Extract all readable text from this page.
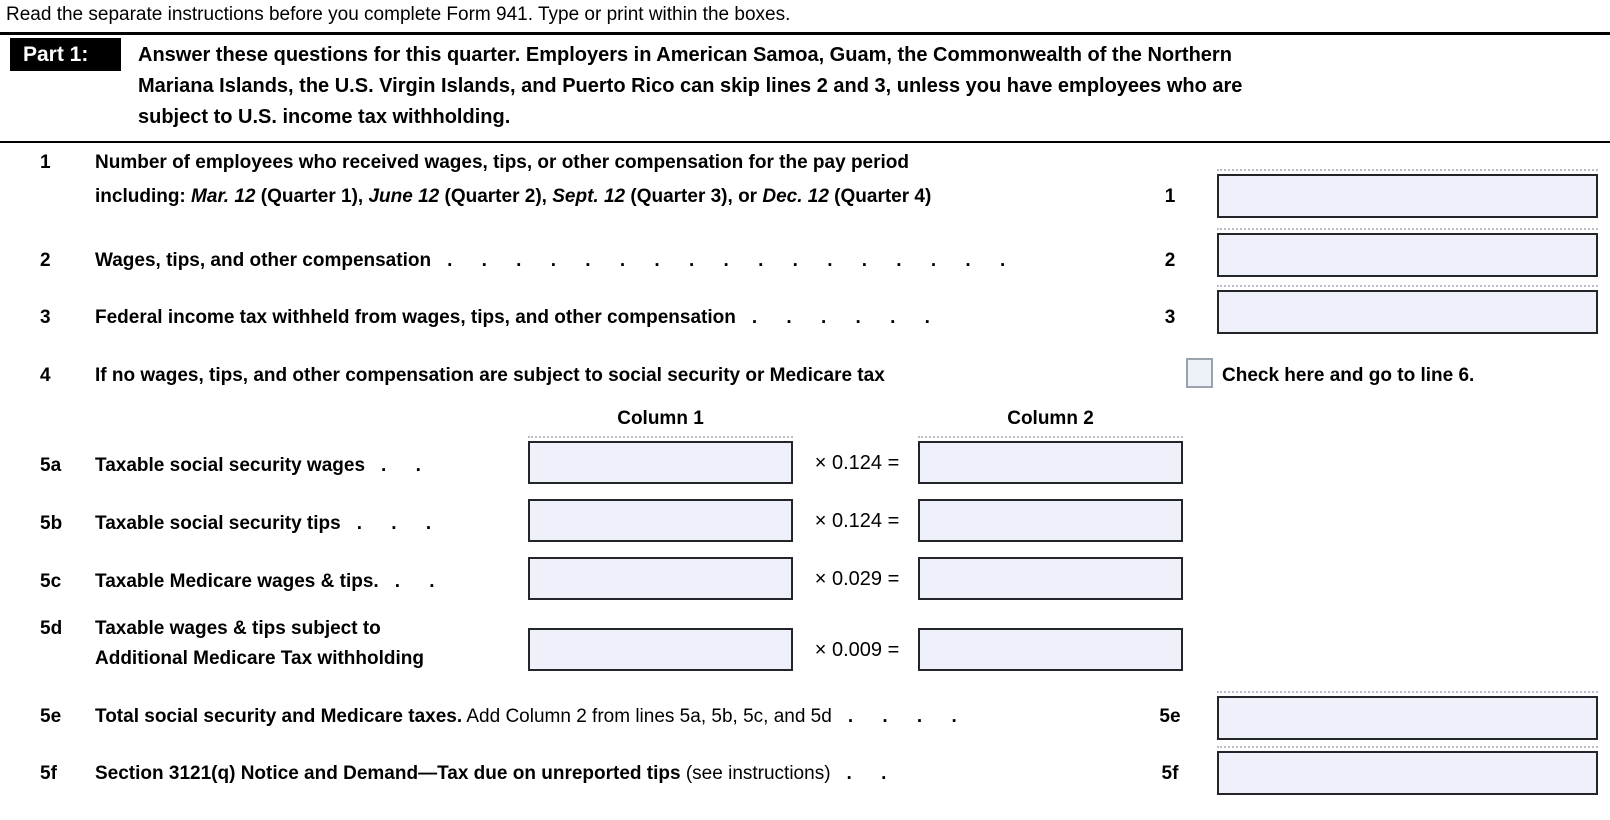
Read the separate instructions before you complete Form 941. Type or print within the boxes.
Part 1:	Answer these questions for this quarter. Employers in American Samoa, Guam, the Commonwealth of the Northern
Mariana Islands, the U.S. Virgin Islands, and Puerto Rico can skip lines 2 and 3, unless you have employees who are
subject to U.S. income tax withholding.
1 Number of employees who received wages, tips, or other compensation for the pay period
including: Mar. 12 (Quarter 1), June 12 (Quarter 2), Sept. 12 (Quarter 3), or Dec. 12 (Quarter 4)	1
2 Wages, tips, and other compensation . . . . . . . . . . . . . . . . .	2
3 Federal income tax withheld from wages, tips, and other compensation . . . . . .	3
4 If no wages, tips, and other compensation are subject to social security or Medicare tax	Check here and go to line 6.
Column 1	Column 2
5a Taxable social security wages . .	× 0.124 =
5b Taxable social security tips . . .	× 0.124 =
5c Taxable Medicare wages & tips. . .	× 0.029 =
5d Taxable wages & tips subject to
Additional Medicare Tax withholding	× 0.009 =
5e Total social security and Medicare taxes. Add Column 2 from lines 5a, 5b, 5c, and 5d . . . .	5e
5f Section 3121(q) Notice and Demand—Tax due on unreported tips (see instructions) . .	5f
